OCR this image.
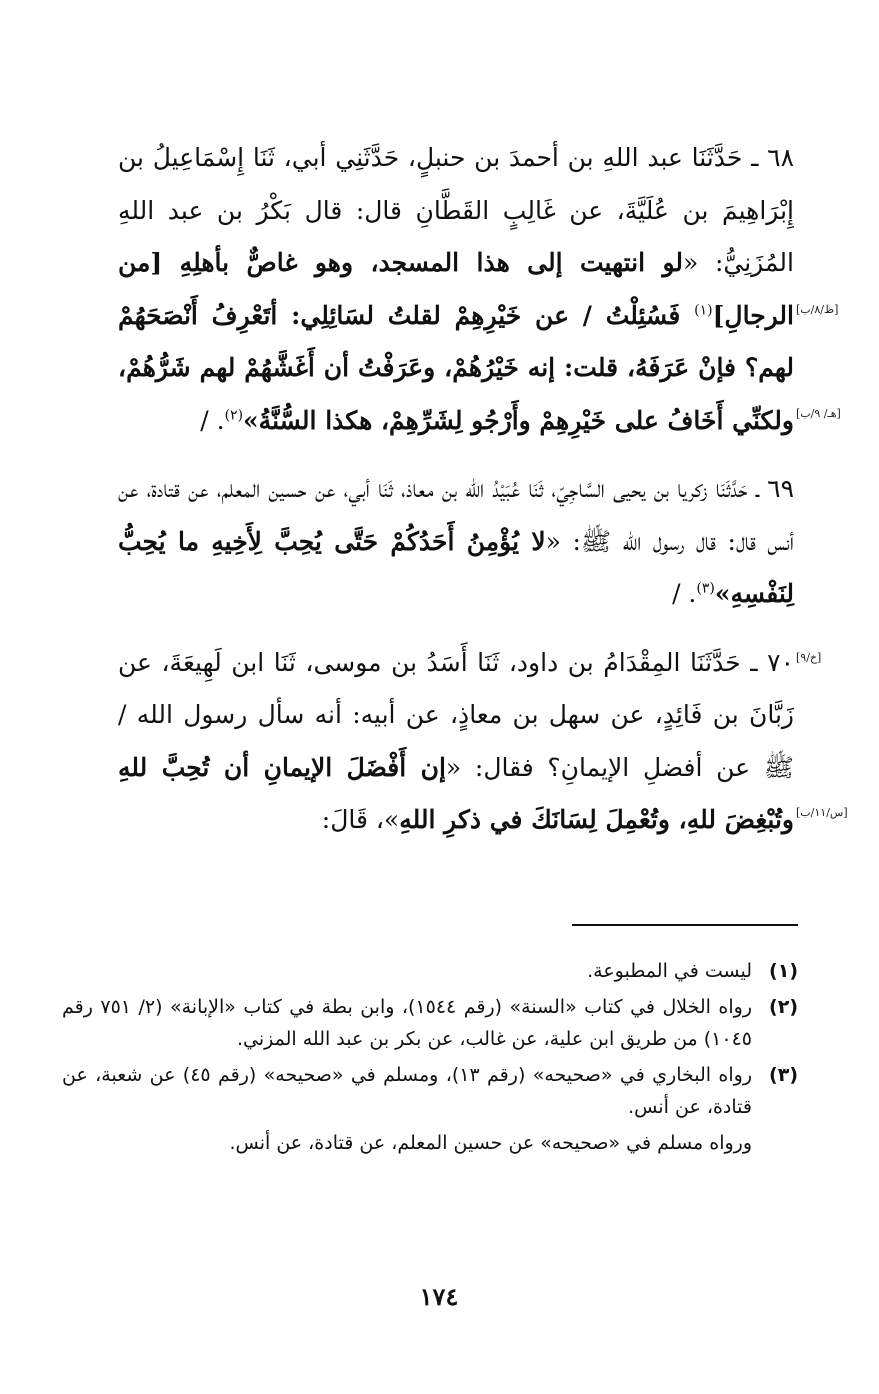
٦٨ ـ حَدَّثَنَا عبد اللهِ بن أحمدَ بن حنبلٍ، حَدَّثَنِي أبي، ثَنَا إِسْمَاعِيلُ بن إِبْرَاهِيمَ بن عُلَيَّةَ، عن غَالِبٍ القَطَّانِ قال: قال بَكْرُ بن عبد اللهِ المُزَنِيُّ: «لو انتهيت إلى هذا المسجد، وهو غاصٌّ بأهلِهِ [من الرجالِ]$^{(١)}$ فَسُئِلْتُ / عن خَيْرِهِمْ لقلتُ لسَائِلِي: أتَعْرِفُ أَنْصَحَهُمْ لهم؟ فإنْ عَرَفَهُ، قلت: إنه خَيْرُهُمْ، وعَرَفْتُ أن أَغَشَّهُمْ لهم شَرُّهُمْ، ولكنِّي أَخَافُ على خَيْرِهِمْ وأَرْجُو لِشَرِّهِمْ، هكذا السُّنَّةُ»$^{(٢)}$. /

٦٩ ـ حَدَّثَنَا زكريا بن يحيى السَّاجِيّ، ثَنَا عُبَيْدُ الله بن معاذ، ثَنَا أبي، عن حسين المعلم، عن قتادة، عن أنس قال: قال رسول الله ﷺ: «لا يُؤْمِنُ أَحَدُكُمْ حَتَّى يُحِبَّ لِأَخِيهِ ما يُحِبُّ لِنَفْسِهِ»$^{(٣)}$. /

٧٠ ـ حَدَّثَنَا المِقْدَامُ بن داود، ثَنَا أَسَدُ بن موسى، ثَنَا ابن لَهِيعَةَ، عن زَبَّانَ بن فَائِدٍ، عن سهل بن معاذٍ، عن أبيه: أنه سأل رسول الله / ﷺ عن أفضلِ الإيمانِ؟ فقال: «إن أَفْضَلَ الإيمانِ أن تُحِبَّ للهِ وتُبْغِضَ للهِ، وتُعْمِلَ لِسَانَكَ في ذكرِ اللهِ»، قَالَ:

[ظ/٨/ب]
[هـ/ ٩/ب]
[خ/٩]
[س/١١/ب]
(١)
ليست في المطبوعة.
(٢)
رواه الخلال في كتاب «السنة» (رقم ١٥٤٤)، وابن بطة في كتاب «الإبانة» (٢/ ٧٥١ رقم ١٠٤٥) من طريق ابن علية، عن غالب، عن بكر بن عبد الله المزني.
(٣)
رواه البخاري في «صحيحه» (رقم ١٣)، ومسلم في «صحيحه» (رقم ٤٥) عن شعبة، عن قتادة، عن أنس.
ورواه مسلم في «صحيحه» عن حسين المعلم، عن قتادة، عن أنس.
١٧٤
